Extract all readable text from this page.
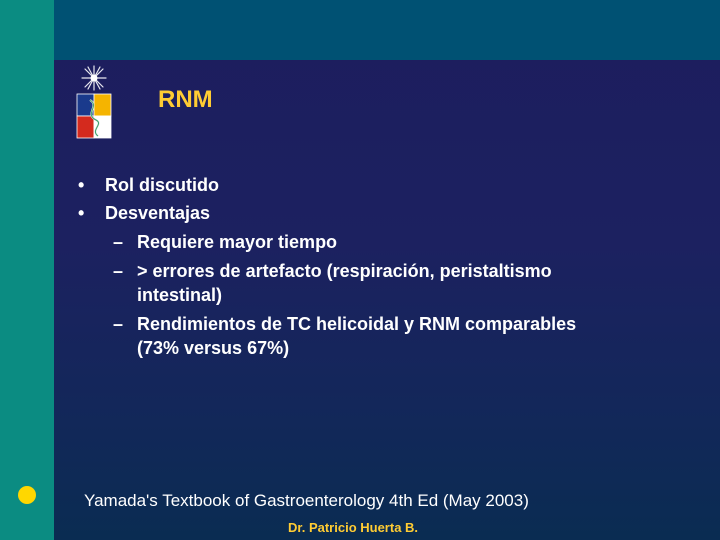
RNM
• Rol discutido
• Desventajas
– Requiere mayor tiempo
– > errores de artefacto (respiración, peristaltismo
intestinal)
– Rendimientos de TC helicoidal y RNM comparables
(73% versus 67%)
Yamada's Textbook of Gastroenterology 4th Ed (May 2003)
Dr. Patricio Huerta B.
